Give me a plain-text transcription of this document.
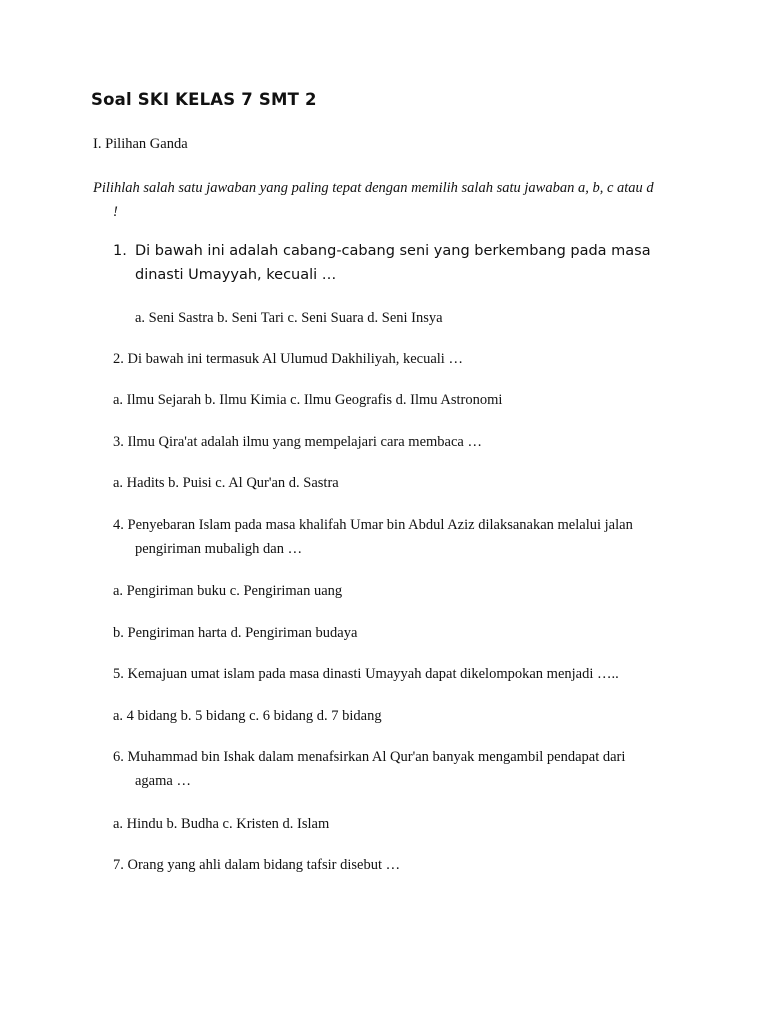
Soal SKI KELAS 7 SMT 2

I. Pilihan Ganda

Pilihlah salah satu jawaban yang paling tepat dengan memilih salah satu jawaban a, b, c atau d
!

1. Di bawah ini adalah cabang-cabang seni yang berkembang pada masa
dinasti Umayyah, kecuali …

a. Seni Sastra b. Seni Tari c. Seni Suara d. Seni Insya

2. Di bawah ini termasuk Al Ulumud Dakhiliyah, kecuali …

a. Ilmu Sejarah b. Ilmu Kimia c. Ilmu Geografis d. Ilmu Astronomi

3. Ilmu Qira'at adalah ilmu yang mempelajari cara membaca …

a. Hadits b. Puisi c. Al Qur'an d. Sastra

4. Penyebaran Islam pada masa khalifah Umar bin Abdul Aziz dilaksanakan melalui jalan
pengiriman mubaligh dan …

a. Pengiriman buku c. Pengiriman uang

b. Pengiriman harta d. Pengiriman budaya

5. Kemajuan umat islam pada masa dinasti Umayyah dapat dikelompokan menjadi …..

a. 4 bidang b. 5 bidang c. 6 bidang d. 7 bidang

6. Muhammad bin Ishak dalam menafsirkan Al Qur'an banyak mengambil pendapat dari
agama …

a. Hindu b. Budha c. Kristen d. Islam

7. Orang yang ahli dalam bidang tafsir disebut …
